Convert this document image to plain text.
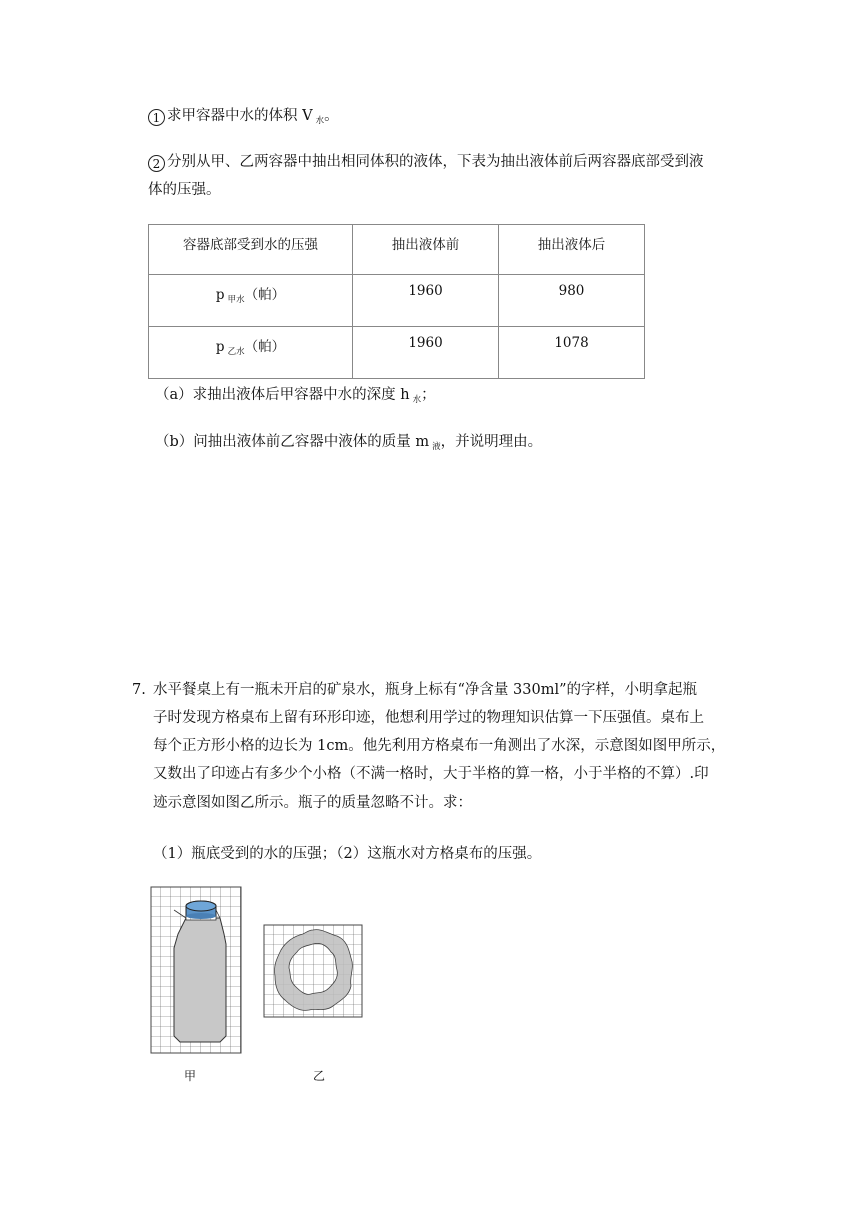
1 求甲容器中水的体积 V $_水$。
2 分别从甲、乙两容器中抽出相同体积的液体，下表为抽出液体前后两容器底部受到液
体的压强。
容器底部受到水的压强	抽出液体前	抽出液体后
p $_{甲水}$（帕）	1960	980
p $_{乙水}$（帕）	1960	1078
（a）求抽出液体后甲容器中水的深度 h $_水$；
（b）问抽出液体前乙容器中液体的质量 m $_液$，并说明理由。
7. 水平餐桌上有一瓶未开启的矿泉水，瓶身上标有“净含量 330ml”的字样，小明拿起瓶
子时发现方格桌布上留有环形印迹，他想利用学过的物理知识估算一下压强值。桌布上
每个正方形小格的边长为 1cm。他先利用方格桌布一角测出了水深，示意图如图甲所示，
又数出了印迹占有多少个小格（不满一格时，大于半格的算一格，小于半格的不算）.印
迹示意图如图乙所示。瓶子的质量忽略不计。求：
（1）瓶底受到的水的压强；（2）这瓶水对方格桌布的压强。
甲	乙
